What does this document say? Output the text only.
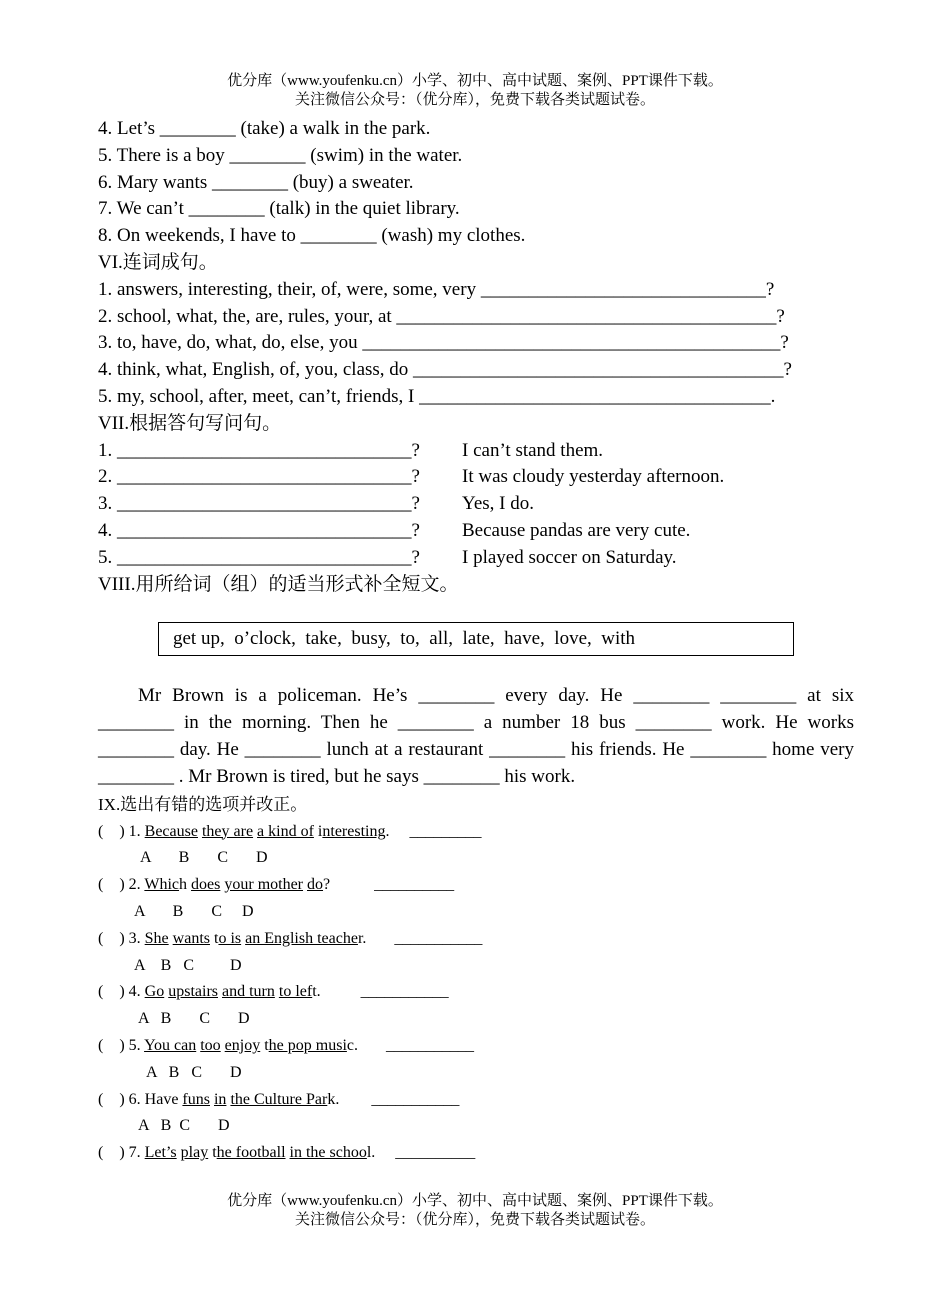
优分库（www.youfenku.cn）小学、初中、高中试题、案例、PPT课件下载。
关注微信公众号：（优分库），免费下载各类试题试卷。
4. Let’s ________ (take) a walk in the park.
5. There is a boy ________ (swim) in the water.
6. Mary wants ________ (buy) a sweater.
7. We can’t ________ (talk) in the quiet library.
8. On weekends, I have to ________ (wash) my clothes.
VI.连词成句。
1. answers, interesting, their, of, were, some, very ______________________________?
2. school, what, the, are, rules, your, at ________________________________________?
3. to, have, do, what, do, else, you ____________________________________________?
4. think, what, English, of, you, class, do _______________________________________?
5. my, school, after, meet, can’t, friends, I _____________________________________.
VII.根据答句写问句。
1. _______________________________?	I can’t stand them.
2. _______________________________?	It was cloudy yesterday afternoon.
3. _______________________________?	Yes, I do.
4. _______________________________?	Because pandas are very cute.
5. _______________________________?	I played soccer on Saturday.
VIII.用所给词（组）的适当形式补全短文。
get up,  o’clock,  take,  busy,  to,  all,  late,  have,  love,  with

Mr Brown is a policeman. He’s ________ every day. He ________ ________ at six ________ in the morning. Then he ________ a number 18 bus ________ work. He works ________ day. He ________ lunch at a restaurant ________ his friends. He ________ home very ________ . Mr Brown is tired, but he says ________ his work.

IX.选出有错的选项并改正。
(    ) 1. Because they are a kind of interesting.     _________
A       B       C       D
(    ) 2. Which does your mother do?           __________
A       B       C     D
(    ) 3. She wants to is an English teacher.       ___________
A    B   C         D
(    ) 4. Go upstairs and turn to left.          ___________
A   B       C       D
(    ) 5. You can too enjoy the pop music.       ___________
A   B   C       D
(    ) 6. Have funs in the Culture Park.        ___________
A   B  C       D
(    ) 7. Let’s play the football in the school.     __________
优分库（www.youfenku.cn）小学、初中、高中试题、案例、PPT课件下载。
关注微信公众号：（优分库），免费下载各类试题试卷。
